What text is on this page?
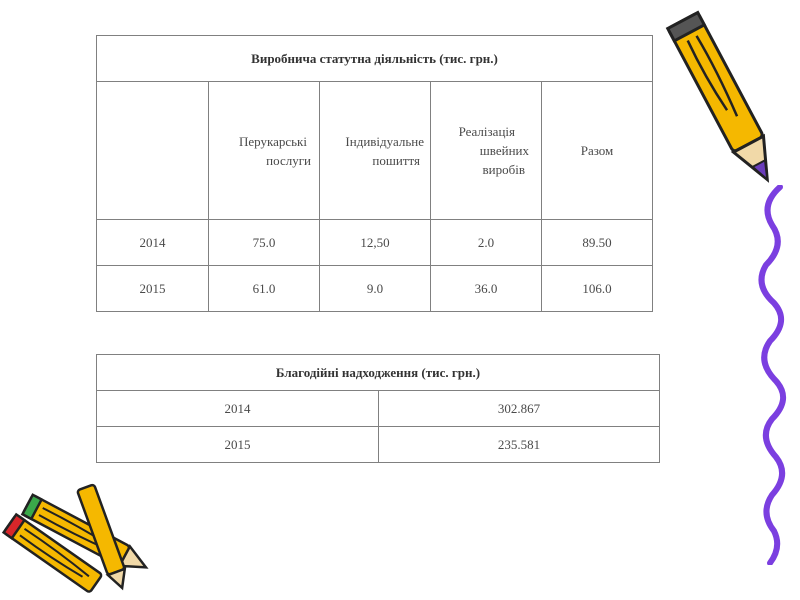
Виробнича статутна діяльність (тис. грн.)				

	Перукарські
послуги	Індивідуальне
пошиття	Реалізація
швейних
виробів	Разом

2014	75.0	12,50	2.0	89.50
2015	61.0	9.0	36.0	106.0
Благодійні надходження (тис. грн.)	
2014	302.867
2015	235.581
